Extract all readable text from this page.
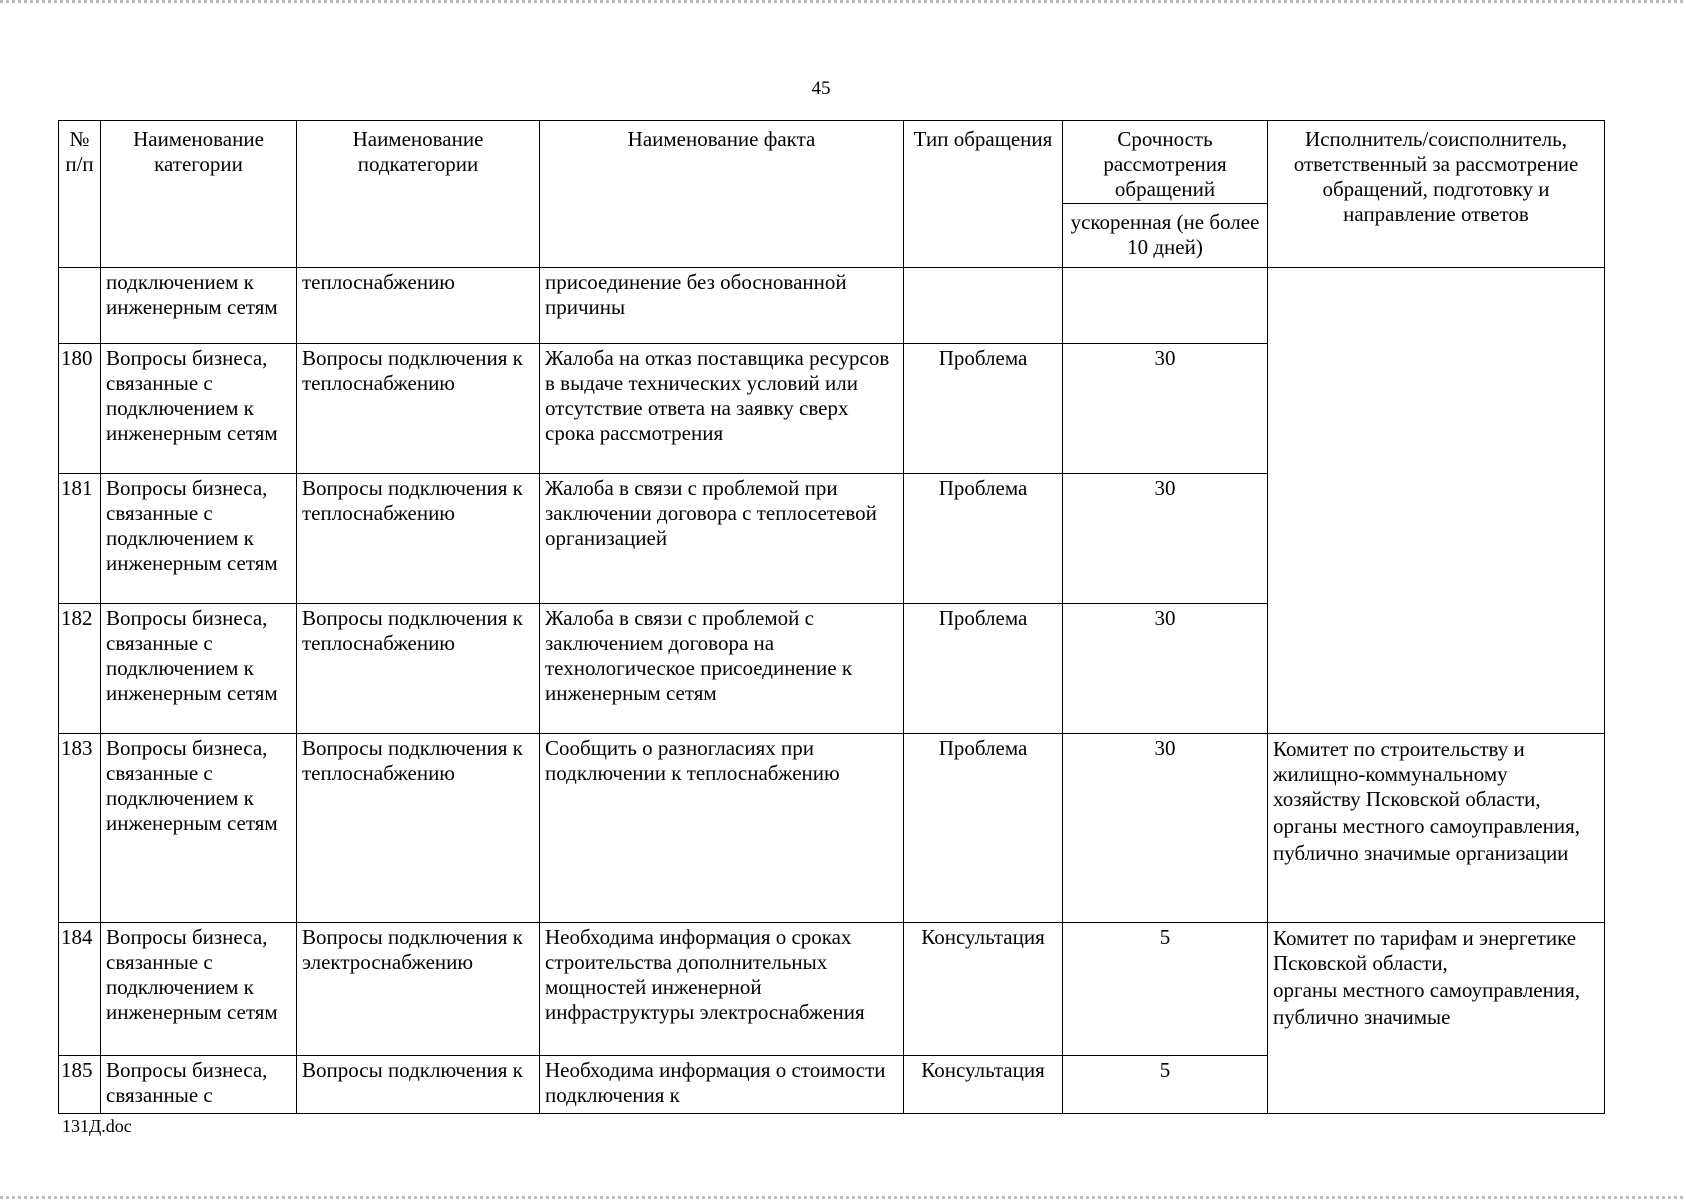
45
№ п/п	Наименование категории	Наименование подкатегории	Наименование факта	Тип обращения	Срочность рассмотрения обращений	Исполнитель/соисполнитель, ответственный за рассмотрение обращений, подготовку и направление ответов
					ускоренная (не более 10 дней)	
	подключением к инженерным сетям	теплоснабжению	присоединение без обоснованной причины			
180	Вопросы бизнеса, связанные с подключением к инженерным сетям	Вопросы подключения к теплоснабжению	Жалоба на отказ поставщика ресурсов в выдаче технических условий или отсутствие ответа на заявку сверх срока рассмотрения	Проблема	30	
181	Вопросы бизнеса, связанные с подключением к инженерным сетям	Вопросы подключения к теплоснабжению	Жалоба в связи с проблемой при заключении договора с теплосетевой организацией	Проблема	30	
182	Вопросы бизнеса, связанные с подключением к инженерным сетям	Вопросы подключения к теплоснабжению	Жалоба в связи с проблемой с заключением договора на технологическое присоединение к инженерным сетям	Проблема	30	
183	Вопросы бизнеса, связанные с подключением к инженерным сетям	Вопросы подключения к теплоснабжению	Сообщить о разногласиях при подключении к теплоснабжению	Проблема	30	Комитет по строительству и жилищно-коммунальному хозяйству Псковской области,
органы местного самоуправления,
публично значимые организации

184	Вопросы бизнеса, связанные с подключением к инженерным сетям	Вопросы подключения к электроснабжению	Необходима информация о сроках строительства дополнительных мощностей инженерной инфраструктуры электроснабжения	Консультация	5	Комитет по тарифам и энергетике Псковской области,
органы местного самоуправления,
публично значимые

185	Вопросы бизнеса, связанные с	Вопросы подключения к	Необходима информация о стоимости подключения к	Консультация	5	
131Д.doc
